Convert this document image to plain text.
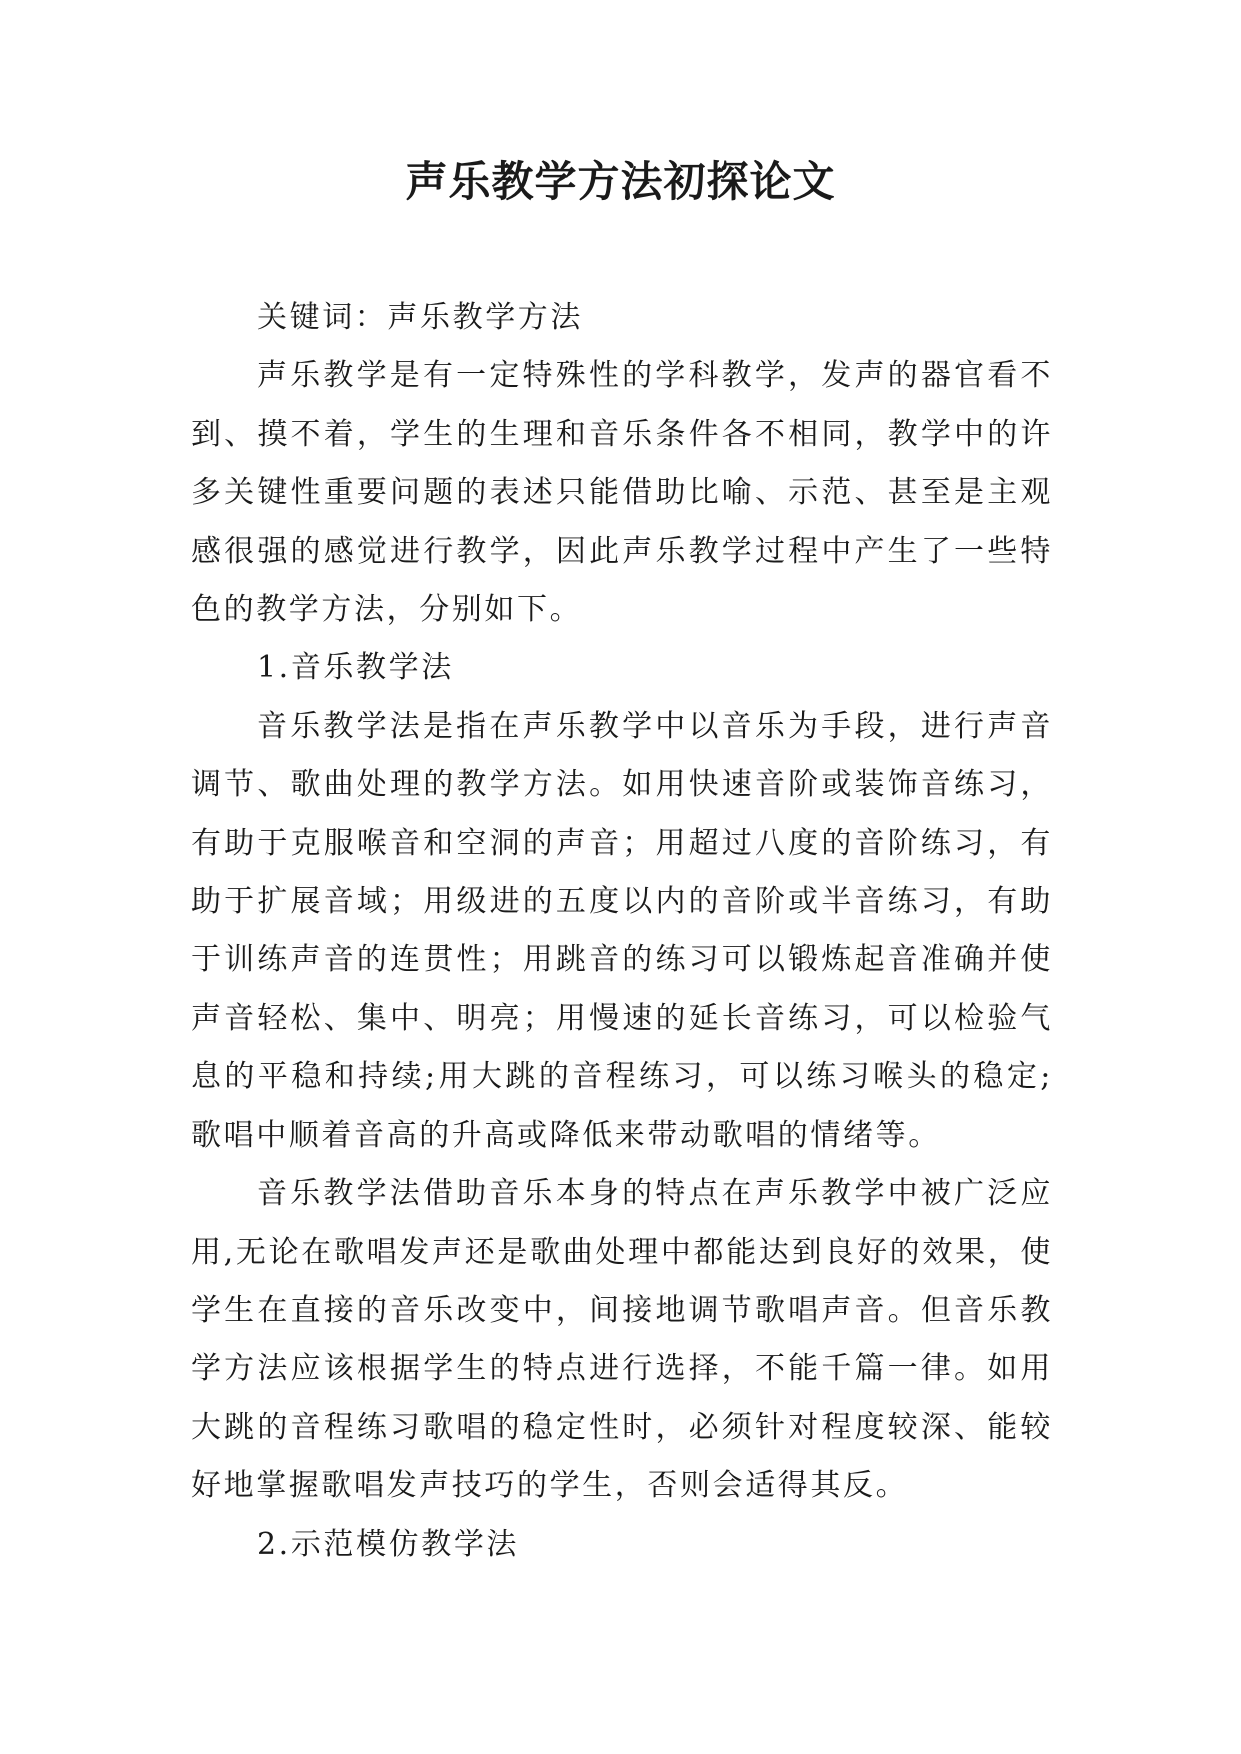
声乐教学方法初探论文

关键词：声乐教学方法

声乐教学是有一定特殊性的学科教学，发声的器官看不到、摸不着，学生的生理和音乐条件各不相同，教学中的许多关键性重要问题的表述只能借助比喻、示范、甚至是主观感很强的感觉进行教学，因此声乐教学过程中产生了一些特色的教学方法，分别如下。

1.音乐教学法

音乐教学法是指在声乐教学中以音乐为手段，进行声音调节、歌曲处理的教学方法。如用快速音阶或装饰音练习，有助于克服喉音和空洞的声音；用超过八度的音阶练习，有助于扩展音域；用级进的五度以内的音阶或半音练习，有助于训练声音的连贯性；用跳音的练习可以锻炼起音准确并使声音轻松、集中、明亮；用慢速的延长音练习，可以检验气息的平稳和持续;用大跳的音程练习，可以练习喉头的稳定;歌唱中顺着音高的升高或降低来带动歌唱的情绪等。

音乐教学法借助音乐本身的特点在声乐教学中被广泛应用,无论在歌唱发声还是歌曲处理中都能达到良好的效果，使学生在直接的音乐改变中，间接地调节歌唱声音。但音乐教学方法应该根据学生的特点进行选择，不能千篇一律。如用大跳的音程练习歌唱的稳定性时，必须针对程度较深、能较好地掌握歌唱发声技巧的学生，否则会适得其反。

2.示范模仿教学法
